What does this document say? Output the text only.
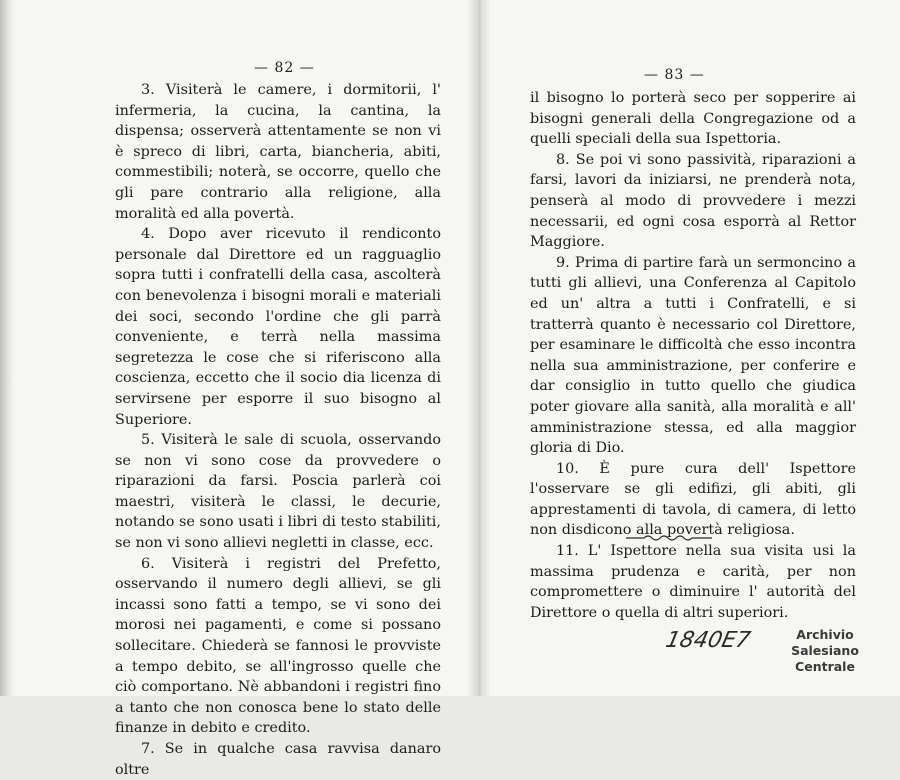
— 82 —

3. Visiterà le camere, i dormitorii, l' infermeria, la cucina, la cantina, la dispensa; osserverà attentamente se non vi è spreco di libri, carta, biancheria, abiti, commestibili; noterà, se occorre, quello che gli pare contrario alla religione, alla moralità ed alla povertà.

4. Dopo aver ricevuto il rendiconto personale dal Direttore ed un ragguaglio sopra tutti i confratelli della casa, ascolterà con benevolenza i bisogni morali e materiali dei soci, secondo l'ordine che gli parrà conveniente, e terrà nella massima segretezza le cose che si riferiscono alla coscienza, eccetto che il socio dia licenza di servirsene per esporre il suo bisogno al Superiore.

5. Visiterà le sale di scuola, osservando se non vi sono cose da provvedere o riparazioni da farsi. Poscia parlerà coi maestri, visiterà le classi, le decurie, notando se sono usati i libri di testo stabiliti, se non vi sono allievi negletti in classe, ecc.

6. Visiterà i registri del Prefetto, osservando il numero degli allievi, se gli incassi sono fatti a tempo, se vi sono dei morosi nei pagamenti, e come si possano sollecitare. Chiederà se fannosi le provviste a tempo debito, se all'ingrosso quelle che ciò comportano. Nè abbandoni i registri fino a tanto che non conosca bene lo stato delle finanze in debito e credito.

7. Se in qualche casa ravvisa danaro oltre

— 83 —

il bisogno lo porterà seco per sopperire ai bisogni generali della Congregazione od a quelli speciali della sua Ispettoria.

8. Se poi vi sono passività, riparazioni a farsi, lavori da iniziarsi, ne prenderà nota, penserà al modo di provvedere i mezzi necessarii, ed ogni cosa esporrà al Rettor Maggiore.

9. Prima di partire farà un sermoncino a tutti gli allievi, una Conferenza al Capitolo ed un' altra a tutti i Confratelli, e si tratterrà quanto è necessario col Direttore, per esaminare le difficoltà che esso incontra nella sua amministrazione, per conferire e dar consiglio in tutto quello che giudica poter giovare alla sanità, alla moralità e all' amministrazione stessa, ed alla maggior gloria di Dio.

10. È pure cura dell' Ispettore l'osservare se gli edifizi, gli abiti, gli apprestamenti di tavola, di camera, di letto non disdicono alla povertà religiosa.

11. L' Ispettore nella sua visita usi la massima prudenza e carità, per non compromettere o diminuire l' autorità del Direttore o quella di altri superiori.

1840E7	Archivio Salesiano
Centrale
